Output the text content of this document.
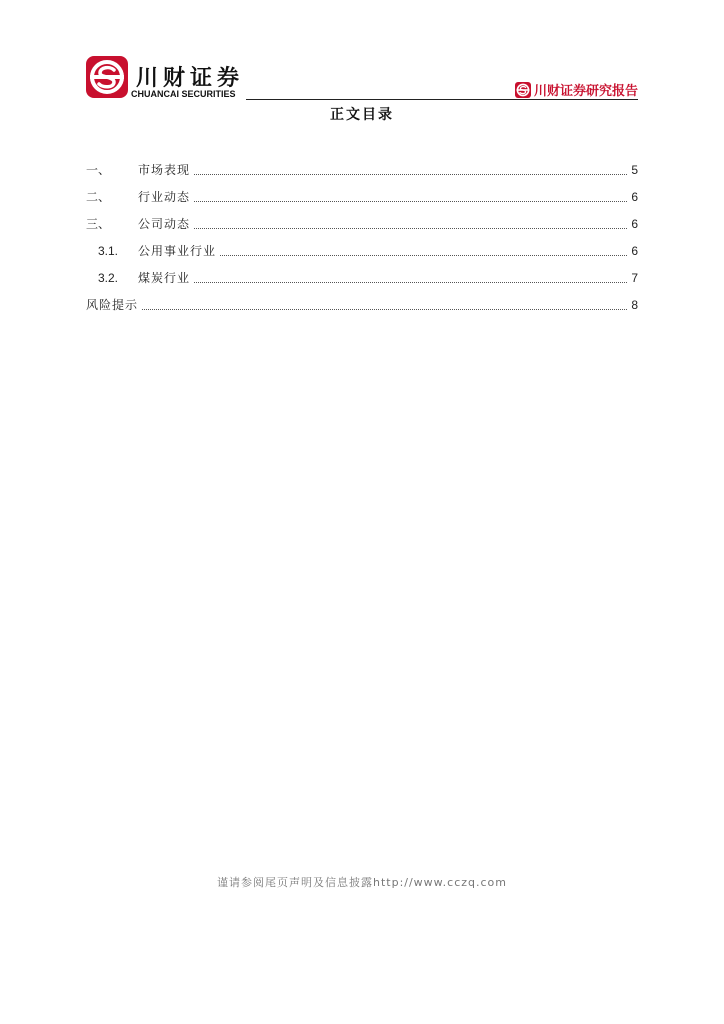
川财证券
CHUANCAI SECURITIES	川财证券研究报告
正文目录
一、	市场表现	5
二、	行业动态	6
三、	公司动态	6
3.1.	公用事业行业	6
3.2.	煤炭行业	7
风险提示	8
谨请参阅尾页声明及信息披露http://www.cczq.com
